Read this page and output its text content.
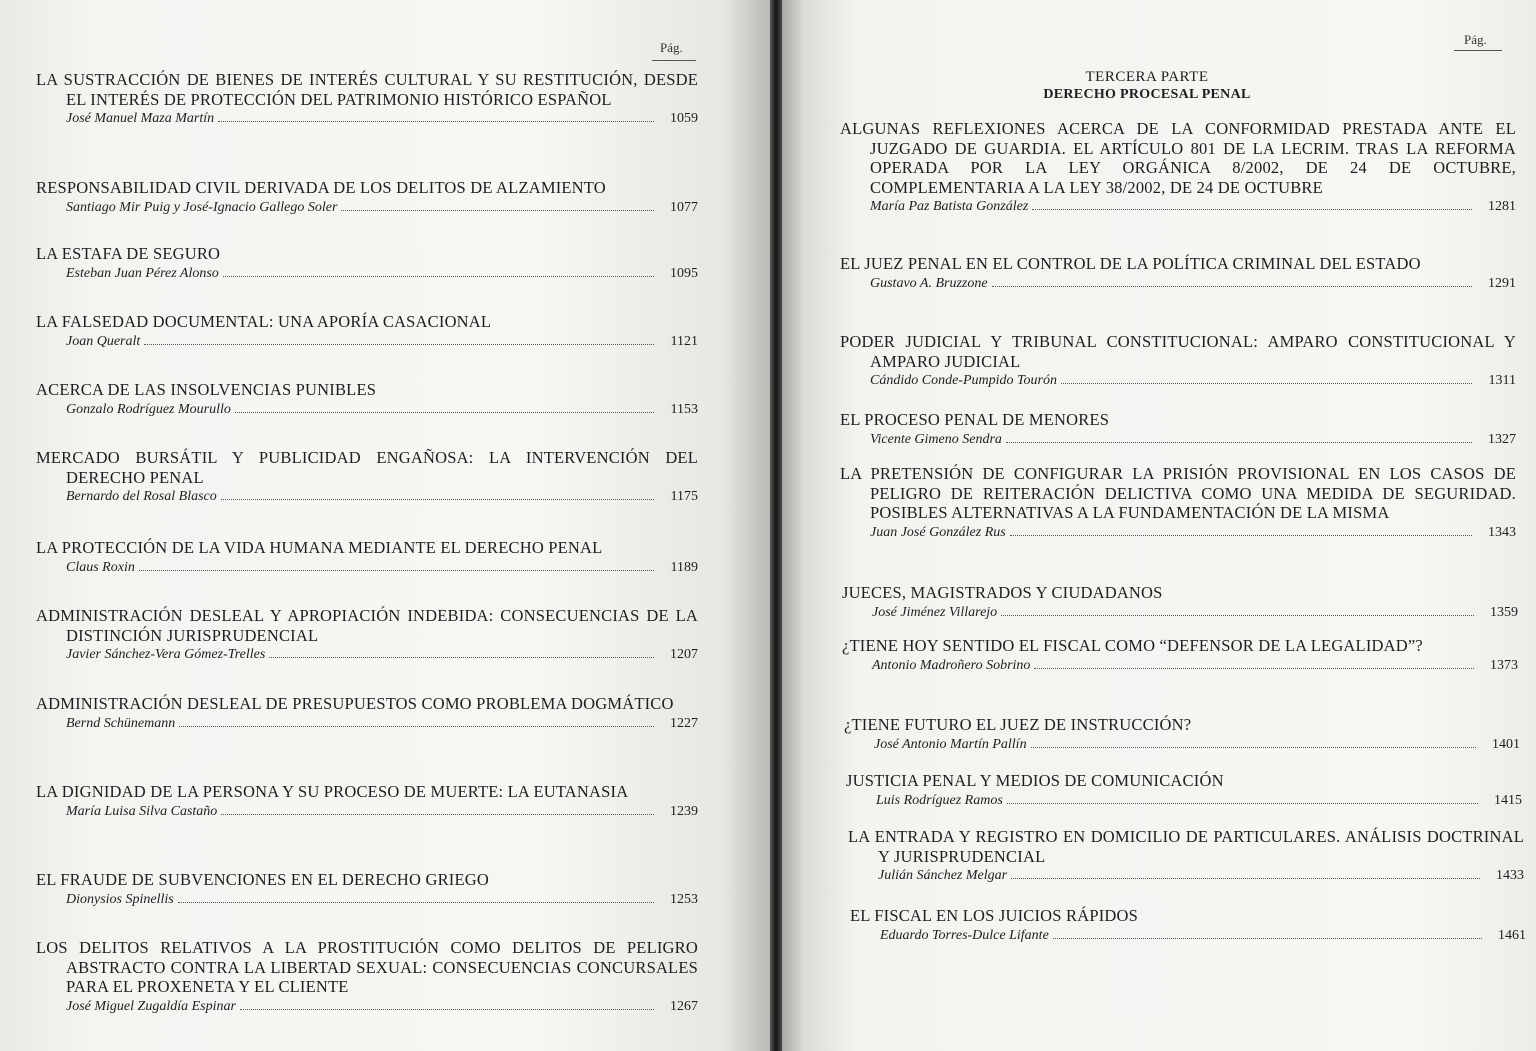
Pág.
LA SUSTRACCIÓN DE BIENES DE INTERÉS CULTURAL Y SU RESTITUCIÓN, DESDE EL INTERÉS DE PROTECCIÓN DEL PATRIMONIO HISTÓRICO ESPAÑOL
José Manuel Maza Martín	1059
RESPONSABILIDAD CIVIL DERIVADA DE LOS DELITOS DE ALZAMIENTO
Santiago Mir Puig y José-Ignacio Gallego Soler	1077
LA ESTAFA DE SEGURO
Esteban Juan Pérez Alonso	1095
LA FALSEDAD DOCUMENTAL: UNA APORÍA CASACIONAL
Joan Queralt	1121
ACERCA DE LAS INSOLVENCIAS PUNIBLES
Gonzalo Rodríguez Mourullo	1153
MERCADO BURSÁTIL Y PUBLICIDAD ENGAÑOSA: LA INTERVENCIÓN DEL DERECHO PENAL
Bernardo del Rosal Blasco	1175
LA PROTECCIÓN DE LA VIDA HUMANA MEDIANTE EL DERECHO PENAL
Claus Roxin	1189
ADMINISTRACIÓN DESLEAL Y APROPIACIÓN INDEBIDA: CONSECUENCIAS DE LA DISTINCIÓN JURISPRUDENCIAL
Javier Sánchez-Vera Gómez-Trelles	1207
ADMINISTRACIÓN DESLEAL DE PRESUPUESTOS COMO PROBLEMA DOGMÁTICO
Bernd Schünemann	1227
LA DIGNIDAD DE LA PERSONA Y SU PROCESO DE MUERTE: LA EUTANASIA
María Luisa Silva Castaño	1239
EL FRAUDE DE SUBVENCIONES EN EL DERECHO GRIEGO
Dionysios Spinellis	1253
LOS DELITOS RELATIVOS A LA PROSTITUCIÓN COMO DELITOS DE PELIGRO ABSTRACTO CONTRA LA LIBERTAD SEXUAL: CONSECUENCIAS CONCURSALES PARA EL PROXENETA Y EL CLIENTE
José Miguel Zugaldía Espinar	1267
Pág.
TERCERA PARTE
DERECHO PROCESAL PENAL
ALGUNAS REFLEXIONES ACERCA DE LA CONFORMIDAD PRESTADA ANTE EL JUZGADO DE GUARDIA. EL ARTÍCULO 801 DE LA LECRIM. TRAS LA REFORMA OPERADA POR LA LEY ORGÁNICA 8/2002, DE 24 DE OCTUBRE, COMPLEMENTARIA A LA LEY 38/2002, DE 24 DE OCTUBRE
María Paz Batista González	1281
EL JUEZ PENAL EN EL CONTROL DE LA POLÍTICA CRIMINAL DEL ESTADO
Gustavo A. Bruzzone	1291
PODER JUDICIAL Y TRIBUNAL CONSTITUCIONAL: AMPARO CONSTITUCIONAL Y AMPARO JUDICIAL
Cándido Conde-Pumpido Tourón	1311
EL PROCESO PENAL DE MENORES
Vicente Gimeno Sendra	1327
LA PRETENSIÓN DE CONFIGURAR LA PRISIÓN PROVISIONAL EN LOS CASOS DE PELIGRO DE REITERACIÓN DELICTIVA COMO UNA MEDIDA DE SEGURIDAD. POSIBLES ALTERNATIVAS A LA FUNDAMENTACIÓN DE LA MISMA
Juan José González Rus	1343
JUECES, MAGISTRADOS Y CIUDADANOS
José Jiménez Villarejo	1359
¿TIENE HOY SENTIDO EL FISCAL COMO “DEFENSOR DE LA LEGALIDAD”?
Antonio Madroñero Sobrino	1373
¿TIENE FUTURO EL JUEZ DE INSTRUCCIÓN?
José Antonio Martín Pallín	1401
JUSTICIA PENAL Y MEDIOS DE COMUNICACIÓN
Luis Rodríguez Ramos	1415
LA ENTRADA Y REGISTRO EN DOMICILIO DE PARTICULARES. ANÁLISIS DOCTRINAL Y JURISPRUDENCIAL
Julián Sánchez Melgar	1433
EL FISCAL EN LOS JUICIOS RÁPIDOS
Eduardo Torres-Dulce Lifante	1461
